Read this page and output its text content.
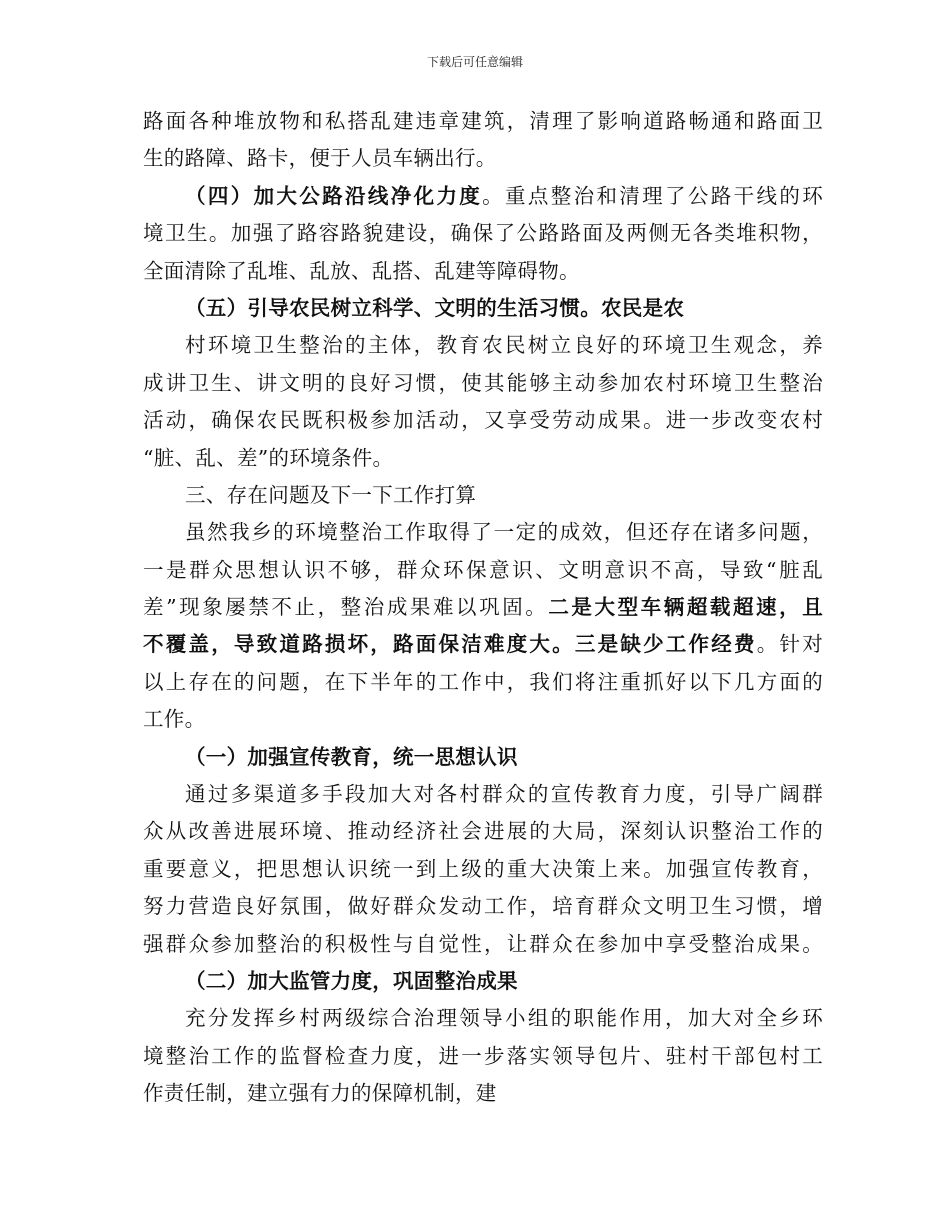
下载后可任意编辑
路面各种堆放物和私搭乱建违章建筑，清理了影响道路畅通和路面卫
生的路障、路卡，便于人员车辆出行。
（四）加大公路沿线净化力度。重点整治和清理了公路干线的环
境卫生。加强了路容路貌建设，确保了公路路面及两侧无各类堆积物，
全面清除了乱堆、乱放、乱搭、乱建等障碍物。
（五）引导农民树立科学、文明的生活习惯。农民是农
村环境卫生整治的主体，教育农民树立良好的环境卫生观念，养
成讲卫生、讲文明的良好习惯，使其能够主动参加农村环境卫生整治
活动，确保农民既积极参加活动，又享受劳动成果。进一步改变农村
“脏、乱、差”的环境条件。
三、存在问题及下一下工作打算
虽然我乡的环境整治工作取得了一定的成效，但还存在诸多问题，
一是群众思想认识不够，群众环保意识、文明意识不高，导致“脏乱
差”现象屡禁不止，整治成果难以巩固。二是大型车辆超载超速，且
不覆盖，导致道路损坏，路面保洁难度大。三是缺少工作经费。针对
以上存在的问题，在下半年的工作中，我们将注重抓好以下几方面的
工作。
（一）加强宣传教育，统一思想认识
通过多渠道多手段加大对各村群众的宣传教育力度，引导广阔群
众从改善进展环境、推动经济社会进展的大局，深刻认识整治工作的
重要意义，把思想认识统一到上级的重大决策上来。加强宣传教育，
努力营造良好氛围，做好群众发动工作，培育群众文明卫生习惯，增
强群众参加整治的积极性与自觉性，让群众在参加中享受整治成果。
（二）加大监管力度，巩固整治成果
充分发挥乡村两级综合治理领导小组的职能作用，加大对全乡环
境整治工作的监督检查力度，进一步落实领导包片、驻村干部包村工
作责任制，建立强有力的保障机制，建
